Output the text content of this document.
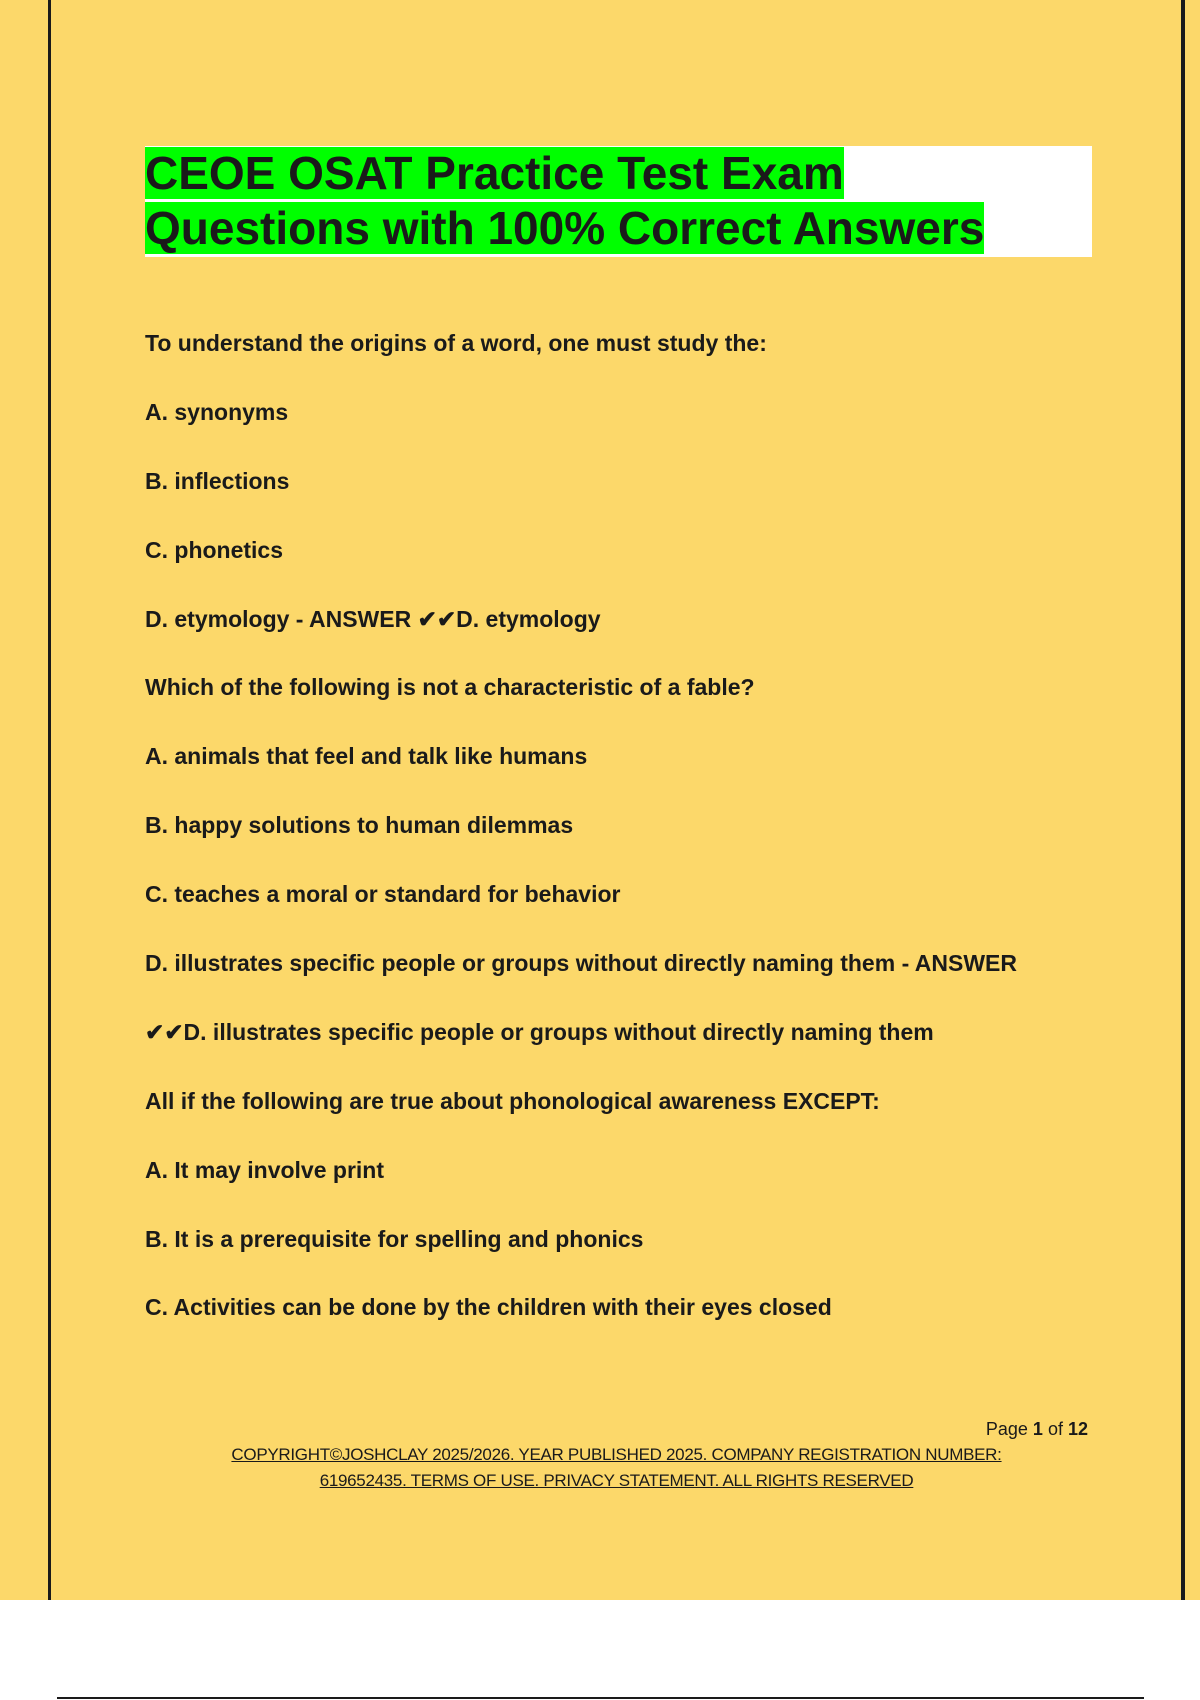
CEOE OSAT Practice Test Exam
Questions with 100% Correct Answers
To understand the origins of a word, one must study the:
A. synonyms
B. inflections
C. phonetics
D. etymology - ANSWER ✔✔D. etymology
Which of the following is not a characteristic of a fable?
A. animals that feel and talk like humans
B. happy solutions to human dilemmas
C. teaches a moral or standard for behavior
D. illustrates specific people or groups without directly naming them - ANSWER
✔✔D. illustrates specific people or groups without directly naming them
All if the following are true about phonological awareness EXCEPT:
A. It may involve print
B. It is a prerequisite for spelling and phonics
C. Activities can be done by the children with their eyes closed
Page 1 of 12
COPYRIGHT©JOSHCLAY 2025/2026. YEAR PUBLISHED 2025. COMPANY REGISTRATION NUMBER:
619652435. TERMS OF USE. PRIVACY STATEMENT. ALL RIGHTS RESERVED
